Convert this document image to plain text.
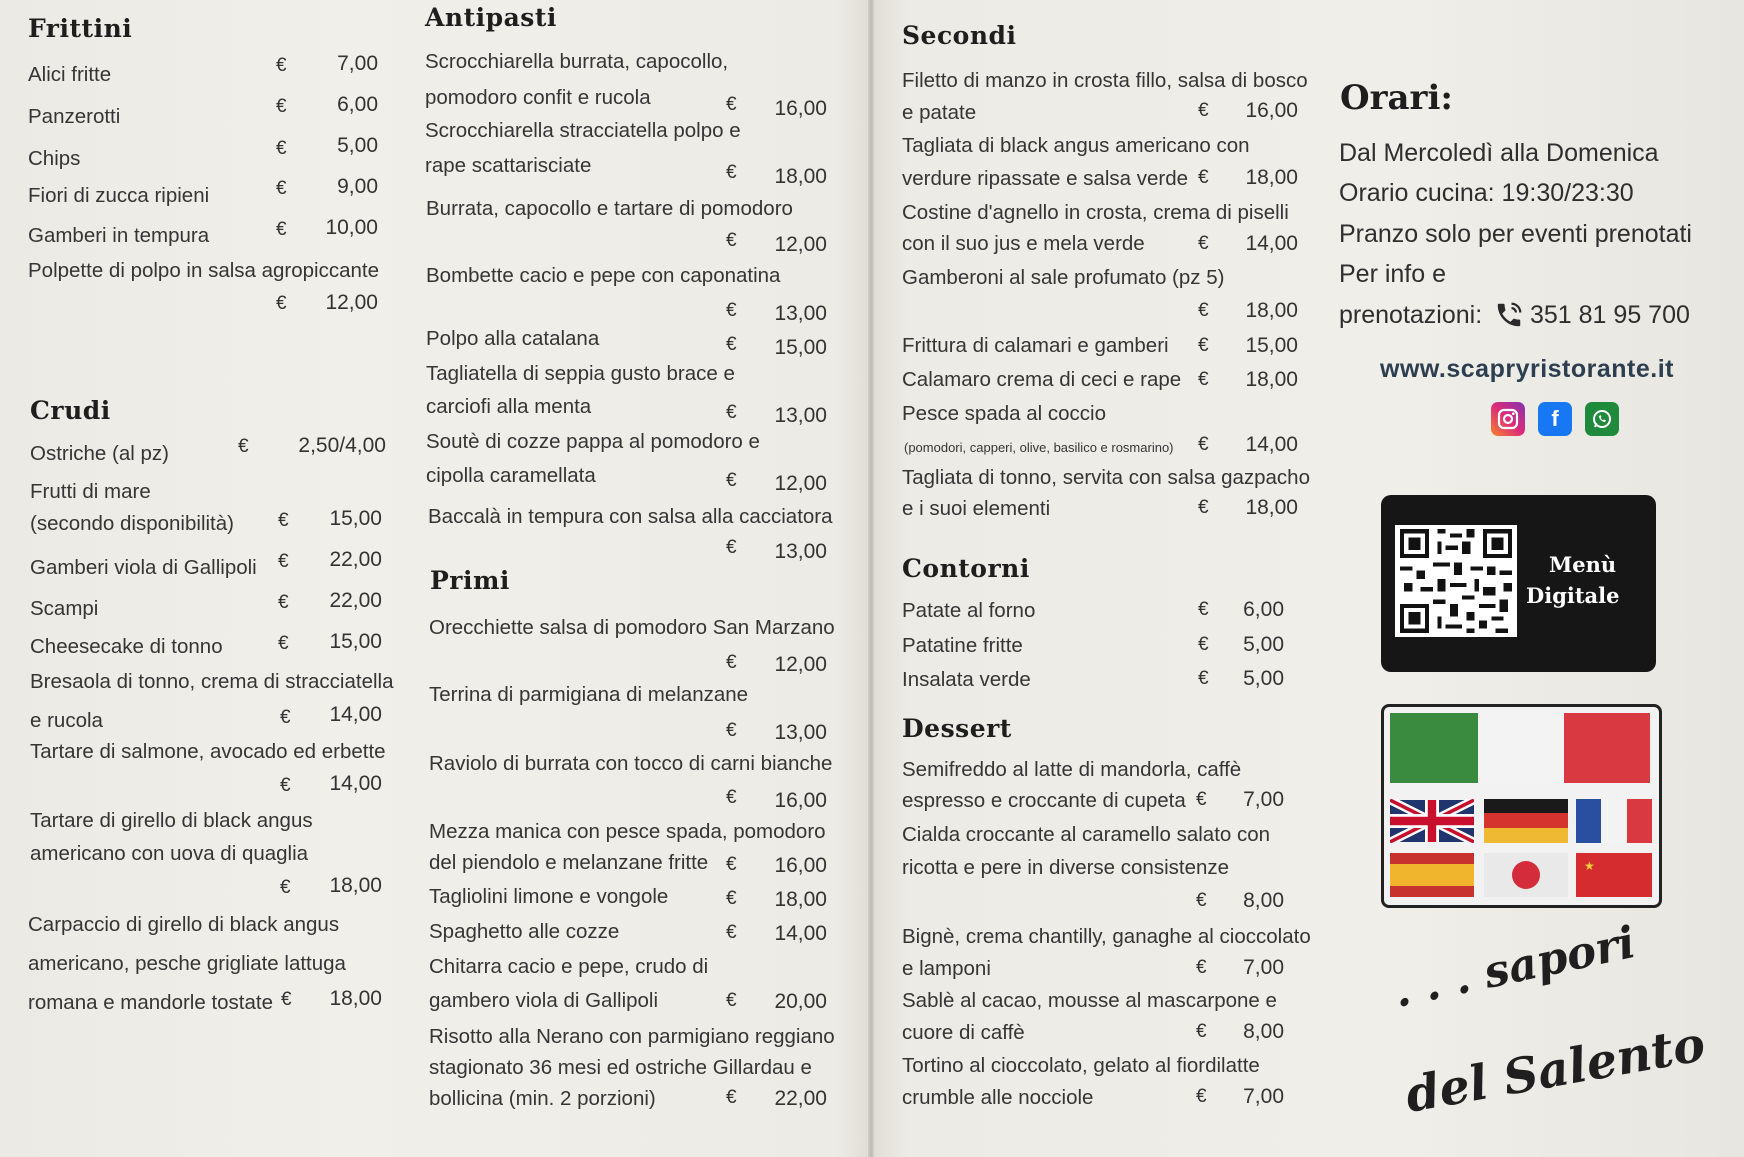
Frittini
Alici fritte	€ 7,00
Panzerotti	€ 6,00
Chips	€ 5,00
Fiori di zucca ripieni	€ 9,00
Gamberi in tempura	€ 10,00
Polpette di polpo in salsa agropiccante
€ 12,00
Crudi
Ostriche (al pz)	€ 2,50/4,00
Frutti di mare
(secondo disponibilità) € 15,00
Gamberi viola di Gallipoli € 22,00
Scampi	€ 22,00
Cheesecake di tonno	€ 15,00
Bresaola di tonno, crema di stracciatella
e rucola	€ 14,00
Tartare di salmone, avocado ed erbette
€ 14,00
Tartare di girello di black angus
americano con uova di quaglia
€ 18,00
Carpaccio di girello di black angus
americano, pesche grigliate lattuga
romana e mandorle tostate € 18,00
Antipasti
Scrocchiarella burrata, capocollo,
pomodoro confit e rucola	€ 16,00
Scrocchiarella stracciatella polpo e
rape scattarisciate	€ 18,00
Burrata, capocollo e tartare di pomodoro
€ 12,00
Bombette cacio e pepe con caponatina
€ 13,00
Polpo alla catalana	€ 15,00
Tagliatella di seppia gusto brace e
carciofi alla menta	€ 13,00
Soutè di cozze pappa al pomodoro e
cipolla caramellata	€ 12,00
Baccalà in tempura con salsa alla cacciatora
€ 13,00
Primi
Orecchiette salsa di pomodoro San Marzano
€ 12,00
Terrina di parmigiana di melanzane
€ 13,00
Raviolo di burrata con tocco di carni bianche
€ 16,00
Mezza manica con pesce spada, pomodoro
del piendolo e melanzane fritte € 16,00
Tagliolini limone e vongole	€ 18,00
Spaghetto alle cozze	€ 14,00
Chitarra cacio e pepe, crudo di
gambero viola di Gallipoli	€ 20,00
Risotto alla Nerano con parmigiano reggiano
stagionato 36 mesi ed ostriche Gillardau e
bollicina (min. 2 porzioni)	€ 22,00
Secondi
Filetto di manzo in crosta fillo, salsa di bosco
e patate	€ 16,00
Tagliata di black angus americano con
verdure ripassate e salsa verde € 18,00
Costine d'agnello in crosta, crema di piselli
con il suo jus e mela verde	€ 14,00
Gamberoni al sale profumato (pz 5)
€ 18,00
Frittura di calamari e gamberi € 15,00
Calamaro crema di ceci e rape € 18,00
Pesce spada al coccio
(pomodori, capperi, olive, basilico e rosmarino) € 14,00
Tagliata di tonno, servita con salsa gazpacho
e i suoi elementi	€ 18,00
Contorni
Patate al forno	€ 6,00
Patatine fritte	€ 5,00
Insalata verde	€ 5,00
Dessert
Semifreddo al latte di mandorla, caffè
espresso e croccante di cupeta € 7,00
Cialda croccante al caramello salato con
ricotta e pere in diverse consistenze
€ 8,00
Bignè, crema chantilly, ganaghe al cioccolato
e lamponi	€ 7,00
Sablè al cacao, mousse al mascarpone e
cuore di caffè	€ 8,00
Tortino al cioccolato, gelato al fiordilatte
crumble alle nocciole	€ 7,00
Orari:
Dal Mercoledì alla Domenica
Orario cucina: 19:30/23:30
Pranzo solo per eventi prenotati
Per info e
prenotazioni: 351 81 95 700
www.scapryristorante.it
f
Menù
Digitale
★
. . . sapori
del Salento
